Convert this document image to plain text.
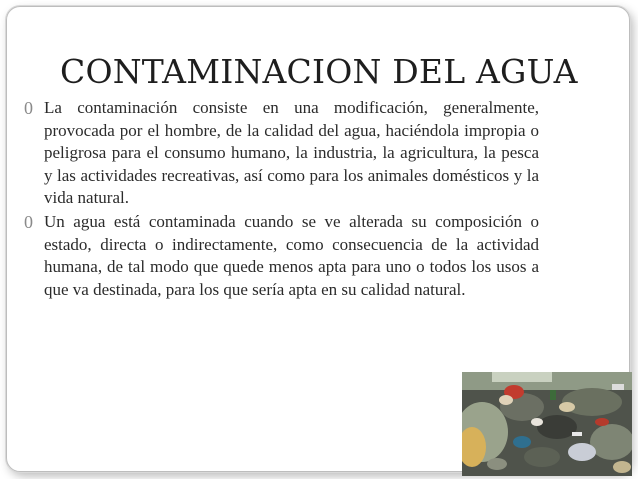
CONTAMINACION DEL AGUA
0 La contaminación consiste en una modificación, generalmente, provocada por el hombre, de la calidad del agua, haciéndola impropia o peligrosa para el consumo humano, la industria, la agricultura, la pesca y las actividades recreativas, así como para los animales domésticos y la vida natural.
0 Un agua está contaminada cuando se ve alterada su composición o estado, directa o indirectamente, como consecuencia de la actividad humana, de tal modo que quede menos apta para uno o todos los usos a que va destinada, para los que sería apta en su calidad natural.
